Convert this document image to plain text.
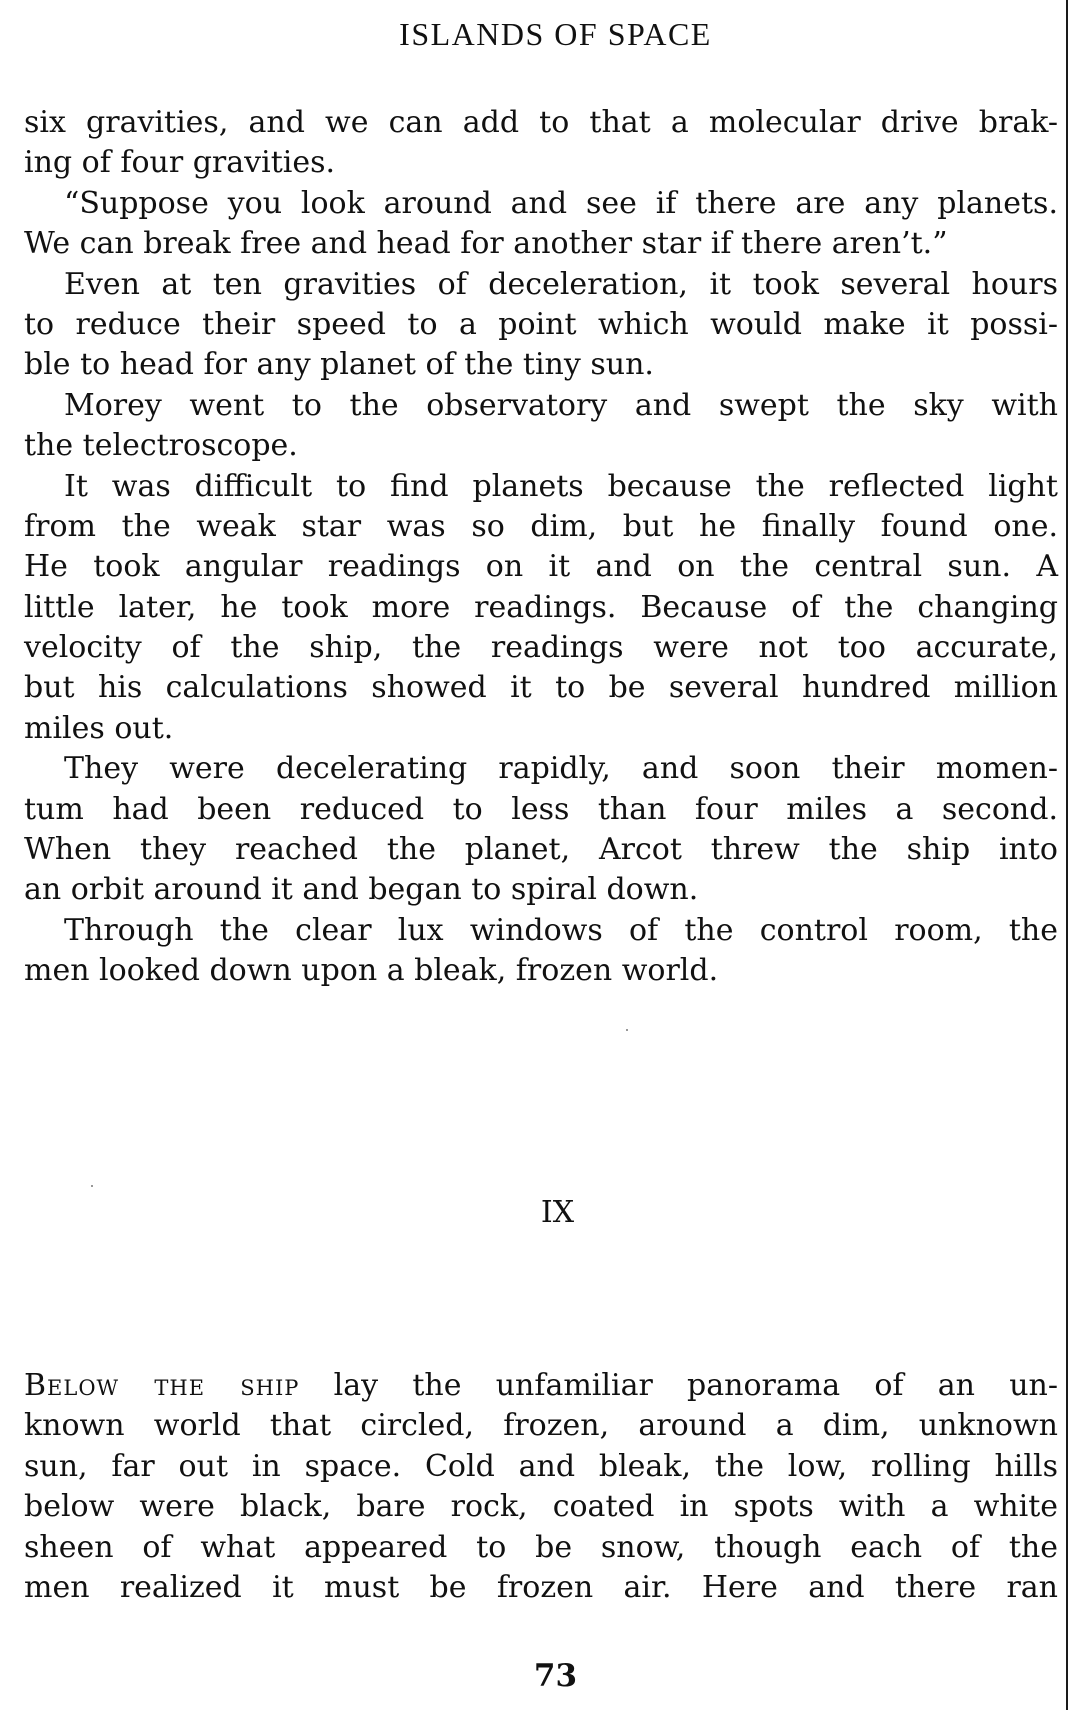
ISLANDS OF SPACE
six gravities, and we can add to that a molecular drive brak-
ing of four gravities.
“Suppose you look around and see if there are any planets.
We can break free and head for another star if there aren’t.”
Even at ten gravities of deceleration, it took several hours
to reduce their speed to a point which would make it possi-
ble to head for any planet of the tiny sun.
Morey went to the observatory and swept the sky with
the telectroscope.
It was difficult to find planets because the reflected light
from the weak star was so dim, but he finally found one.
He took angular readings on it and on the central sun. A
little later, he took more readings. Because of the changing
velocity of the ship, the readings were not too accurate,
but his calculations showed it to be several hundred million
miles out.
They were decelerating rapidly, and soon their momen-
tum had been reduced to less than four miles a second.
When they reached the planet, Arcot threw the ship into
an orbit around it and began to spiral down.
Through the clear lux windows of the control room, the
men looked down upon a bleak, frozen world.
IX
Below the ship lay the unfamiliar panorama of an un-
known world that circled, frozen, around a dim, unknown
sun, far out in space. Cold and bleak, the low, rolling hills
below were black, bare rock, coated in spots with a white
sheen of what appeared to be snow, though each of the
men realized it must be frozen air. Here and there ran
73
